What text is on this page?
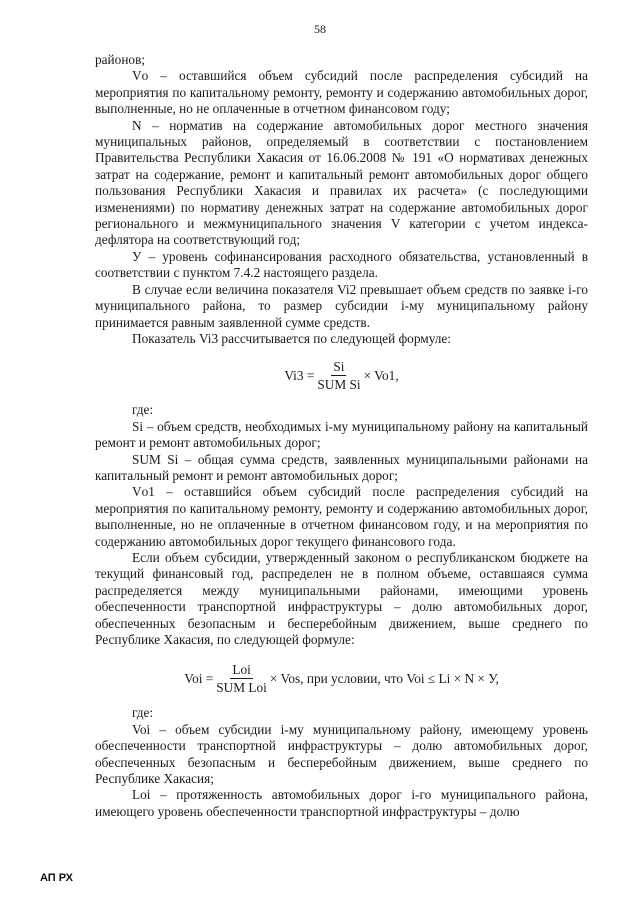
58

районов;

Vо – оставшийся объем субсидий после распределения субсидий на мероприятия по капитальному ремонту, ремонту и содержанию автомобильных дорог, выполненные, но не оплаченные в отчетном финансовом году;

N – норматив на содержание автомобильных дорог местного значения муниципальных районов, определяемый в соответствии с постановлением Правительства Республики Хакасия от 16.06.2008 № 191 «О нормативах денежных затрат на содержание, ремонт и капитальный ремонт автомобильных дорог общего пользования Республики Хакасия и правилах их расчета» (с последующими изменениями) по нормативу денежных затрат на содержание автомобильных дорог регионального и межмуниципального значения V категории с учетом индекса-дефлятора на соответствующий год;

У – уровень софинансирования расходного обязательства, установленный в соответствии с пунктом 7.4.2 настоящего раздела.

В случае если величина показателя Vi2 превышает объем средств по заявке i-го муниципального района, то размер субсидии i-му муниципальному району принимается равным заявленной сумме средств.

Показатель Vi3 рассчитывается по следующей формуле:

$Vi3 = \frac{Si}{\text{SUM Si}} \times Vo1$,

где:

Si – объем средств, необходимых i-му муниципальному району на капитальный ремонт и ремонт автомобильных дорог;

SUM Si – общая сумма средств, заявленных муниципальными районами на капитальный ремонт и ремонт автомобильных дорог;

Vо1 – оставшийся объем субсидий после распределения субсидий на мероприятия по капитальному ремонту, ремонту и содержанию автомобильных дорог, выполненные, но не оплаченные в отчетном финансовом году, и на мероприятия по содержанию автомобильных дорог текущего финансового года.

Если объем субсидии, утвержденный законом о республиканском бюджете на текущий финансовый год, распределен не в полном объеме, оставшаяся сумма распределяется между муниципальными районами, имеющими уровень обеспеченности транспортной инфраструктуры – долю автомобильных дорог, обеспеченных безопасным и бесперебойным движением, выше среднего по Республике Хакасия, по следующей формуле:

Voi = $\frac{\text{Loi}}{\text{SUM Loi}}$ × Vos, при условии, что Voi ≤ Li × N × У,

где:

Voi – объем субсидии i-му муниципальному району, имеющему уровень обеспеченности транспортной инфраструктуры – долю автомобильных дорог, обеспеченных безопасным и бесперебойным движением, выше среднего по Республике Хакасия;

Loi – протяженность автомобильных дорог i-го муниципального района, имеющего уровень обеспеченности транспортной инфраструктуры – долю

АП РХ
